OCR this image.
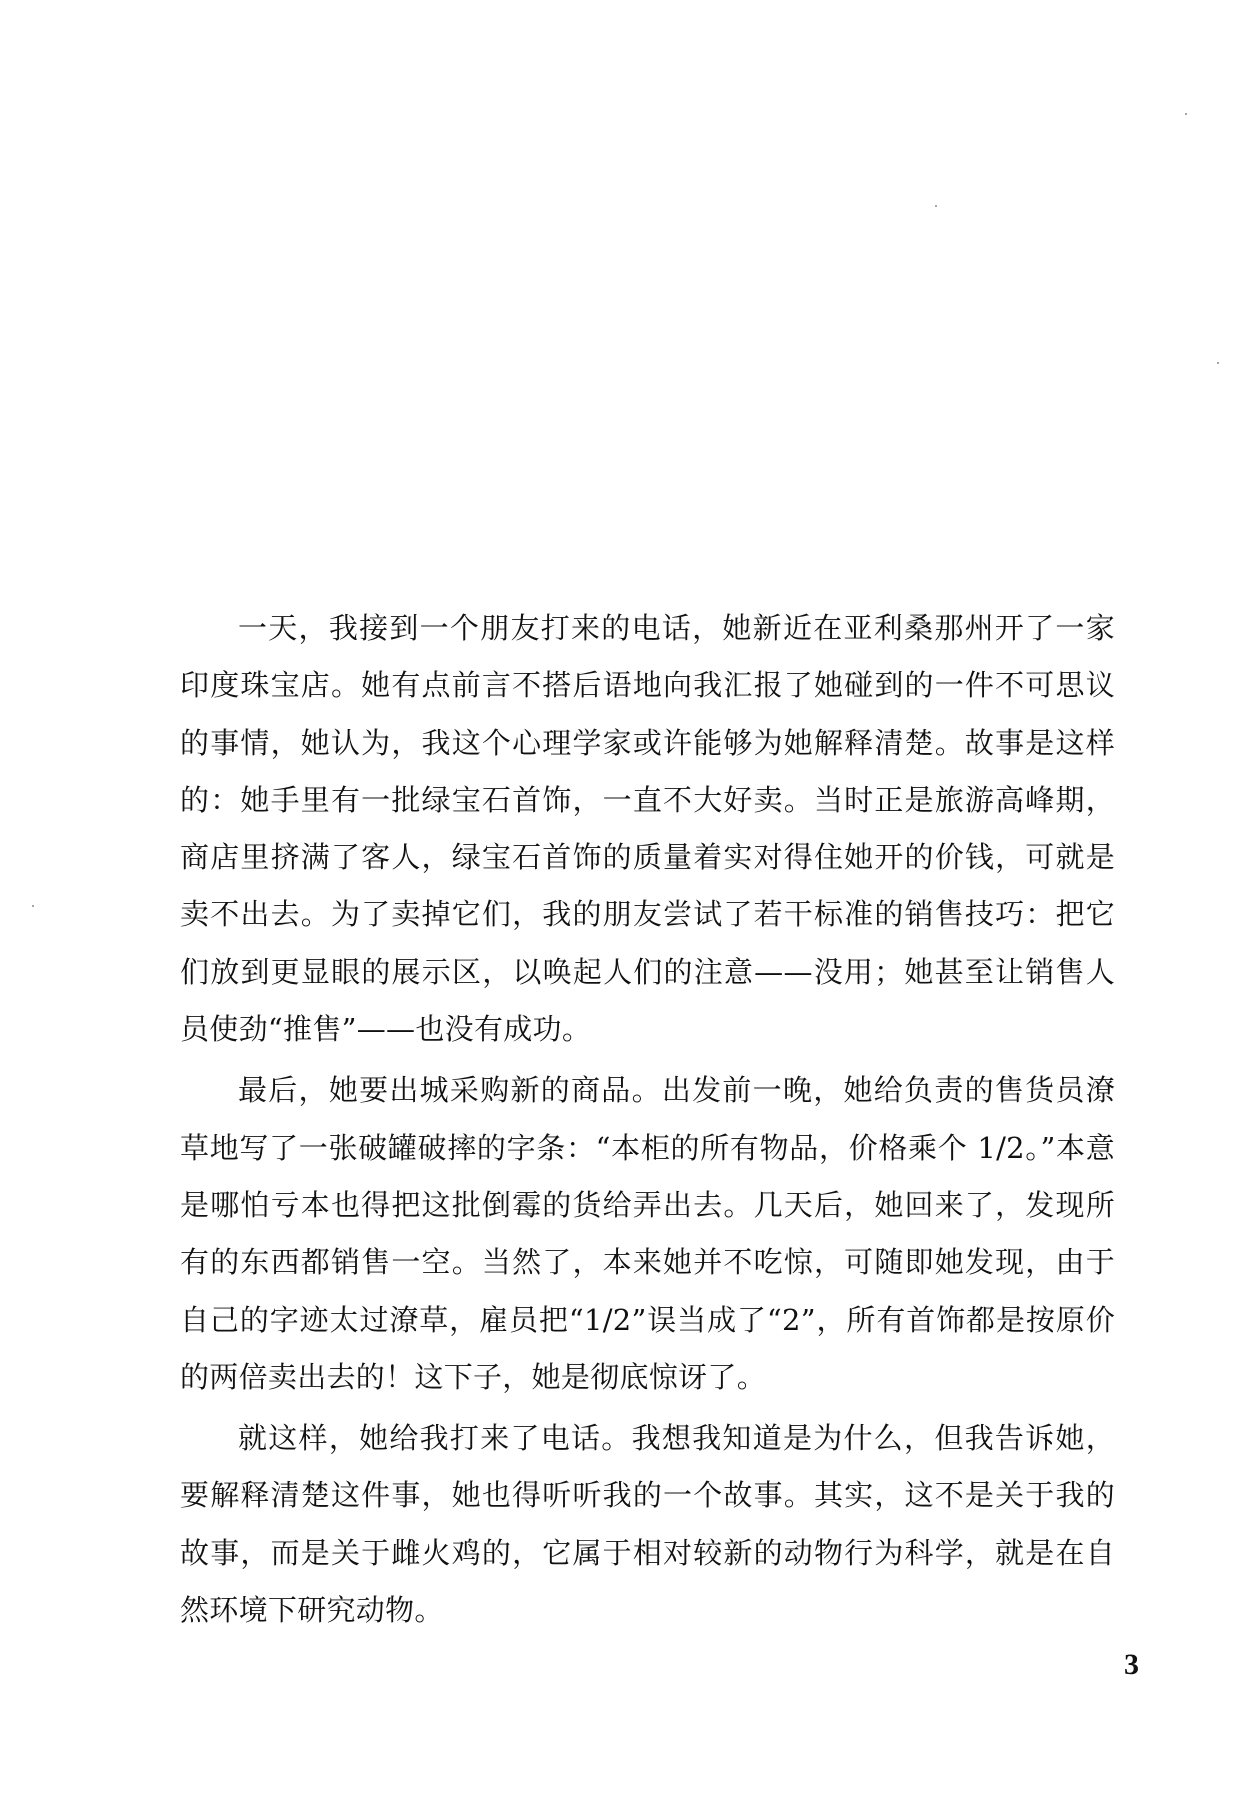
一天，我接到一个朋友打来的电话，她新近在亚利桑那州开了一家印度珠宝店。她有点前言不搭后语地向我汇报了她碰到的一件不可思议的事情，她认为，我这个心理学家或许能够为她解释清楚。故事是这样的：她手里有一批绿宝石首饰，一直不大好卖。当时正是旅游高峰期，商店里挤满了客人，绿宝石首饰的质量着实对得住她开的价钱，可就是卖不出去。为了卖掉它们，我的朋友尝试了若干标准的销售技巧：把它们放到更显眼的展示区，以唤起人们的注意——没用；她甚至让销售人员使劲“推售”——也没有成功。

最后，她要出城采购新的商品。出发前一晚，她给负责的售货员潦草地写了一张破罐破摔的字条：“本柜的所有物品，价格乘个 1/2。”本意是哪怕亏本也得把这批倒霉的货给弄出去。几天后，她回来了，发现所有的东西都销售一空。当然了，本来她并不吃惊，可随即她发现，由于自己的字迹太过潦草，雇员把“1/2”误当成了“2”，所有首饰都是按原价的两倍卖出去的！这下子，她是彻底惊讶了。

就这样，她给我打来了电话。我想我知道是为什么，但我告诉她，要解释清楚这件事，她也得听听我的一个故事。其实，这不是关于我的故事，而是关于雌火鸡的，它属于相对较新的动物行为科学，就是在自然环境下研究动物。

3
